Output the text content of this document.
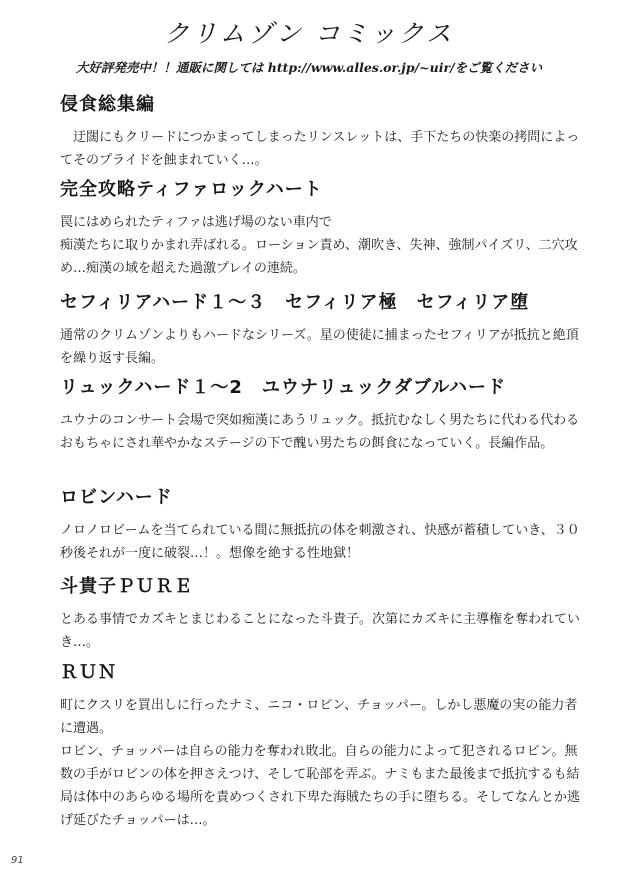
クリムゾン コミックス
大好評発売中！！通販に関しては http://www.alles.or.jp/~uir/をご覧ください
侵食総集編

迂闊にもクリードにつかまってしまったリンスレットは、手下たちの快楽の拷問によってそのプライドを蝕まれていく…。

完全攻略ティファロックハート

罠にはめられたティファは逃げ場のない車内で

痴漢たちに取りかまれ弄ばれる。ローション責め、潮吹き、失神、強制パイズリ、二穴攻め…痴漢の域を超えた過激プレイの連続。

セフィリアハード１～３　セフィリア極　セフィリア堕

通常のクリムゾンよりもハードなシリーズ。星の使徒に捕まったセフィリアが抵抗と絶頂を繰り返す長編。

リュックハード１～2　ユウナリュックダブルハード

ユウナのコンサート会場で突如痴漢にあうリュック。抵抗むなしく男たちに代わる代わるおもちゃにされ華やかなステージの下で醜い男たちの餌食になっていく。長編作品。

ロビンハード

ノロノロビームを当てられている間に無抵抗の体を刺激され、快感が蓄積していき、３０秒後それが一度に破裂…！。想像を絶する性地獄！

斗貴子ＰＵＲＥ

とある事情でカズキとまじわることになった斗貴子。次第にカズキに主導権を奪われていき…。

ＲＵＮ

町にクスリを買出しに行ったナミ、ニコ・ロビン、チョッパー。しかし悪魔の実の能力者に遭遇。

ロビン、チョッパーは自らの能力を奪われ敗北。自らの能力によって犯されるロビン。無数の手がロビンの体を押さえつけ、そして恥部を弄ぶ。ナミもまた最後まで抵抗するも結局は体中のあらゆる場所を責めつくされ下卑た海賊たちの手に堕ちる。そしてなんとか逃げ延びたチョッパーは…。

91
